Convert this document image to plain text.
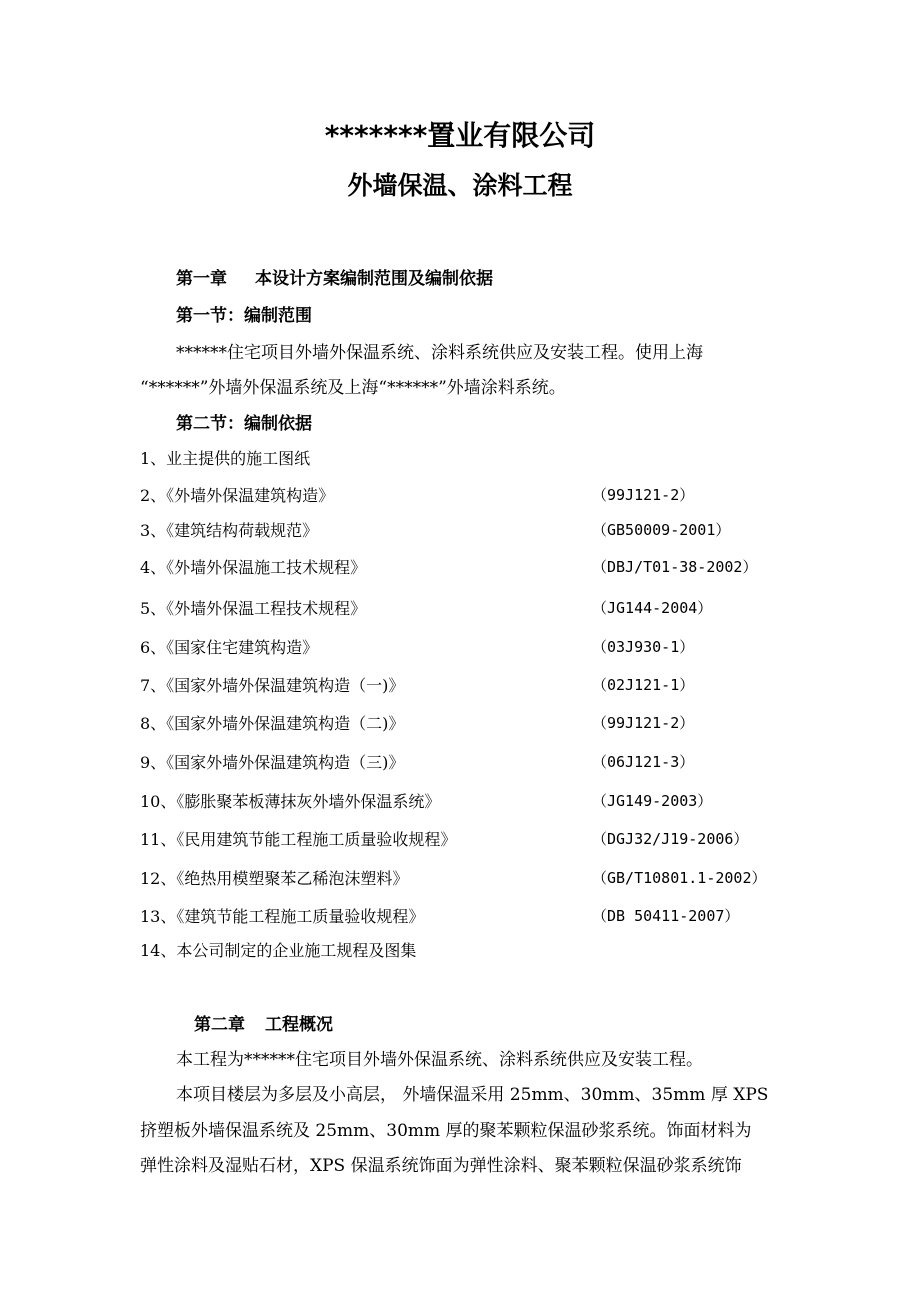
*******置业有限公司
外墙保温、涂料工程
第一章 本设计方案编制范围及编制依据
第一节：编制范围
******住宅项目外墙外保温系统、涂料系统供应及安装工程。使用上海
“******”外墙外保温系统及上海“******”外墙涂料系统。
第二节：编制依据
1、业主提供的施工图纸
2、《外墙外保温建筑构造》	（99J121-2）
3、《建筑结构荷载规范》	（GB50009-2001）
4、《外墙外保温施工技术规程》	（DBJ/T01-38-2002）
5、《外墙外保温工程技术规程》	（JG144-2004）
6、《国家住宅建筑构造》	（03J930-1）
7、《国家外墙外保温建筑构造（一)》	（02J121-1）
8、《国家外墙外保温建筑构造（二)》	（99J121-2）
9、《国家外墙外保温建筑构造（三)》	（06J121-3）
10、《膨胀聚苯板薄抹灰外墙外保温系统》	（JG149-2003）
11、《民用建筑节能工程施工质量验收规程》	（DGJ32/J19-2006）
12、《绝热用模塑聚苯乙稀泡沫塑料》	（GB/T10801.1-2002）
13、《建筑节能工程施工质量验收规程》	（DB 50411-2007）
14、本公司制定的企业施工规程及图集
第二章 工程概况
本工程为******住宅项目外墙外保温系统、涂料系统供应及安装工程。
本项目楼层为多层及小高层， 外墙保温采用 25mm、30mm、35mm 厚 XPS
挤塑板外墙保温系统及 25mm、30mm 厚的聚苯颗粒保温砂浆系统。饰面材料为
弹性涂料及湿贴石材，XPS 保温系统饰面为弹性涂料、聚苯颗粒保温砂浆系统饰
